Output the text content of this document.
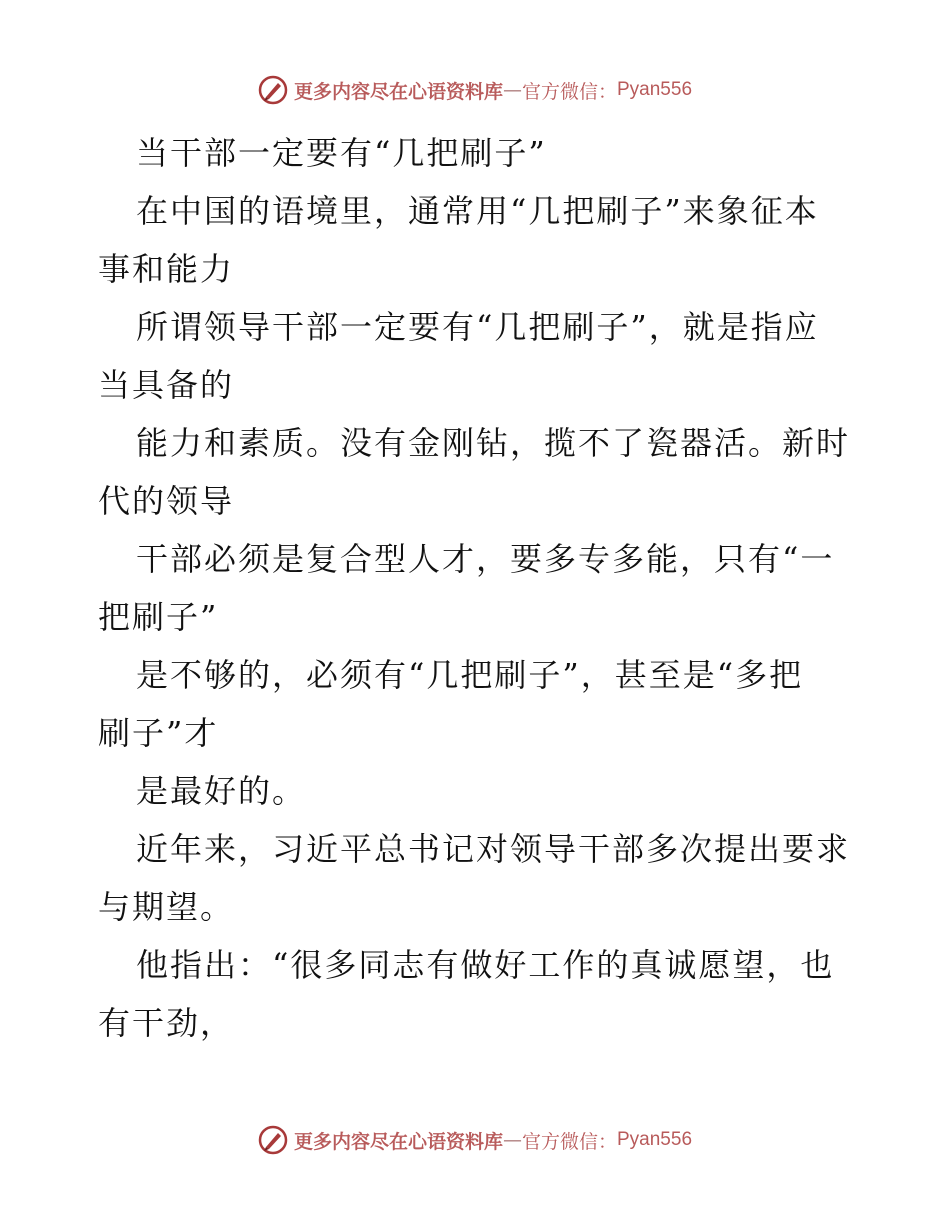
更多内容尽在心语资料库 — 官方微信： Pyan556
当干部一定要有“几把刷子”
在中国的语境里，通常用“几把刷子”来象征本
事和能力
所谓领导干部一定要有“几把刷子”，就是指应
当具备的
能力和素质。没有金刚钻，揽不了瓷器活。新时
代的领导
干部必须是复合型人才，要多专多能，只有“一
把刷子”
是不够的，必须有“几把刷子”，甚至是“多把
刷子”才
是最好的。
近年来，习近平总书记对领导干部多次提出要求
与期望。
他指出：“很多同志有做好工作的真诚愿望，也
有干劲，
更多内容尽在心语资料库 — 官方微信： Pyan556
